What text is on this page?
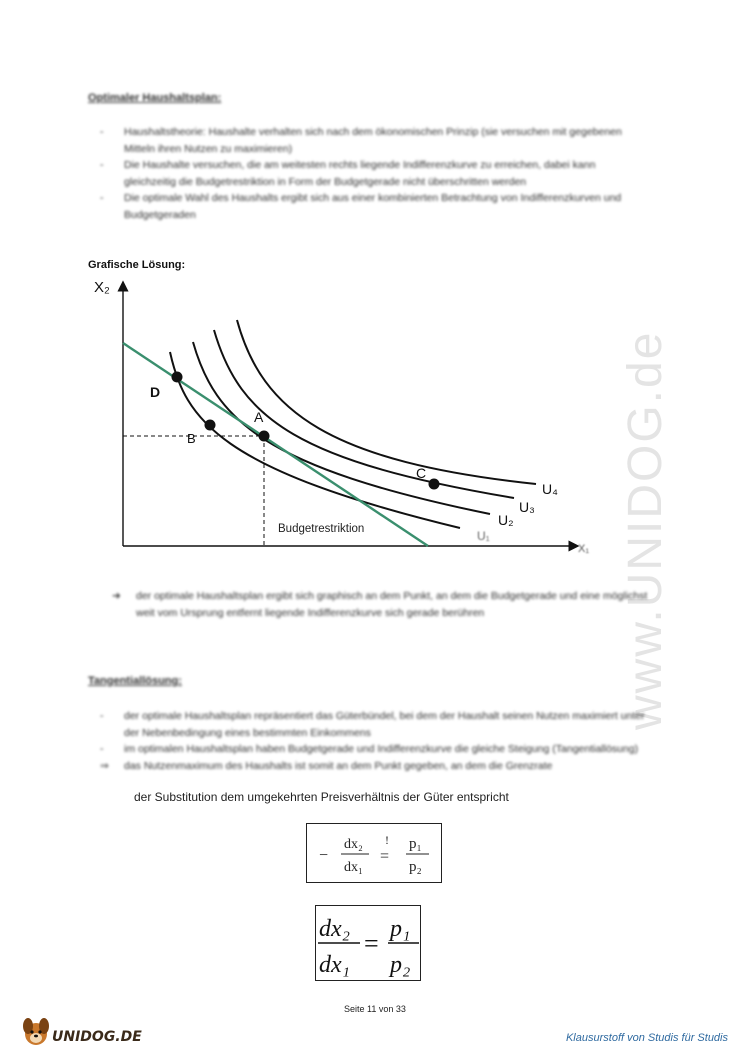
www.UNIDOG.de
Optimaler Haushaltsplan:
-	Haushaltstheorie: Haushalte verhalten sich nach dem ökonomischen Prinzip (sie versuchen mit gegebenen Mitteln ihren Nutzen zu maximieren)
-	Die Haushalte versuchen, die am weitesten rechts liegende Indifferenzkurve zu erreichen, dabei kann gleichzeitig die Budgetrestriktion in Form der Budgetgerade nicht überschritten werden
-	Die optimale Wahl des Haushalts ergibt sich aus einer kombinierten Betrachtung von Indifferenzkurven und Budgetgeraden
Grafische Lösung:
X₂
X₁
D
B
A
C
U₄
U₃
U₂
U₁
Budgetrestriktion
➜	der optimale Haushaltsplan ergibt sich graphisch an dem Punkt, an dem die Budgetgerade und eine möglichst weit vom Ursprung entfernt liegende Indifferenzkurve sich gerade berühren
Tangentiallösung:
-	der optimale Haushaltsplan repräsentiert das Güterbündel, bei dem der Haushalt seinen Nutzen maximiert unter der Nebenbedingung eines bestimmten Einkommens
-	im optimalen Haushaltsplan haben Budgetgerade und Indifferenzkurve die gleiche Steigung (Tangentiallösung)
⇒	das Nutzenmaximum des Haushalts ist somit an dem Punkt gegeben, an dem die Grenzrate
der Substitution dem umgekehrten Preisverhältnis der Güter entspricht
−
dx₂
dx₁
!
=
p₁
p₂
dx₂
dx₁
= p₁
p₂
Seite 11 von 33
UNIDOG.DE	Klausurstoff von Studis für Studis
